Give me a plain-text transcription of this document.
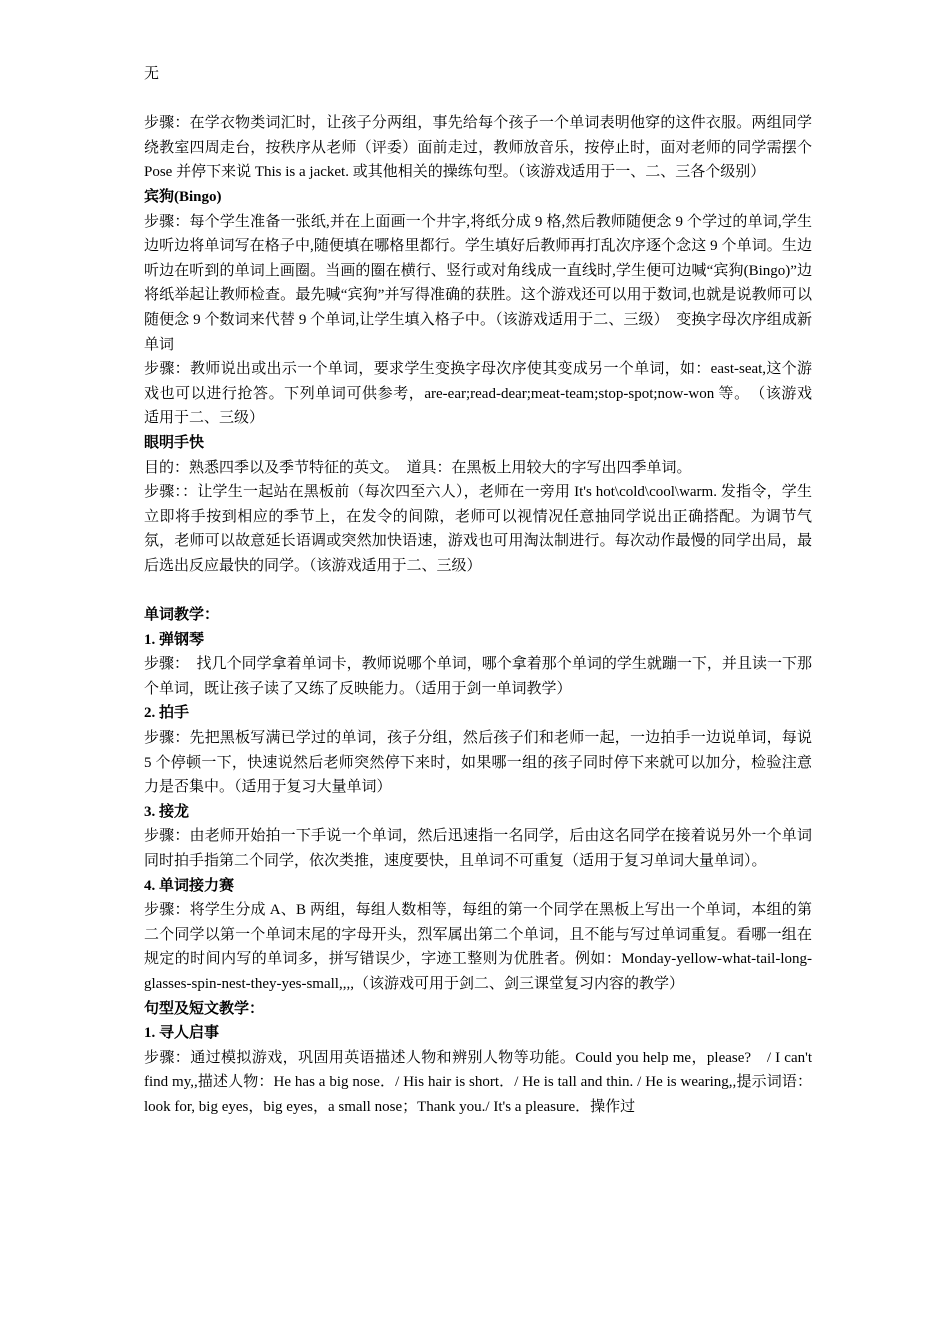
无

步骤：在学衣物类词汇时，让孩子分两组，事先给每个孩子一个单词表明他穿的这件衣服。两组同学绕教室四周走台，按秩序从老师（评委）面前走过，教师放音乐，按停止时，面对老师的同学需摆个 Pose 并停下来说 This is a jacket. 或其他相关的操练句型。（该游戏适用于一、二、三各个级别）

宾狗(Bingo)

步骤：每个学生准备一张纸,并在上面画一个井字,将纸分成 9 格,然后教师随便念 9 个学过的单词,学生边听边将单词写在格子中,随便填在哪格里都行。学生填好后教师再打乱次序逐个念这 9 个单词。生边听边在听到的单词上画圈。当画的圈在横行、竖行或对角线成一直线时,学生便可边喊“宾狗(Bingo)”边将纸举起让教师检查。最先喊“宾狗”并写得准确的获胜。这个游戏还可以用于数词,也就是说教师可以随便念 9 个数词来代替 9 个单词,让学生填入格子中。（该游戏适用于二、三级）　变换字母次序组成新单词

步骤：教师说出或出示一个单词，要求学生变换字母次序使其变成另一个单词，如：east-seat,这个游戏也可以进行抢答。下列单词可供参考，are-ear;read-dear;meat-team;stop-spot;now-won 等。　（该游戏适用于二、三级）

眼明手快

目的：熟悉四季以及季节特征的英文。　道具：在黑板上用较大的字写出四季单词。

步骤：：让学生一起站在黑板前（每次四至六人），老师在一旁用 It's hot\cold\cool\warm. 发指令，学生立即将手按到相应的季节上，在发令的间隙，老师可以视情况任意抽同学说出正确搭配。为调节气氛，老师可以故意延长语调或突然加快语速，游戏也可用淘汰制进行。每次动作最慢的同学出局，最后选出反应最快的同学。（该游戏适用于二、三级）

单词教学：

1. 弹钢琴

步骤：　找几个同学拿着单词卡，教师说哪个单词，哪个拿着那个单词的学生就蹦一下，并且读一下那个单词，既让孩子读了又练了反映能力。（适用于剑一单词教学）

2. 拍手

步骤：先把黑板写满已学过的单词，孩子分组，然后孩子们和老师一起，一边拍手一边说单词，每说 5 个停顿一下，快速说然后老师突然停下来时，如果哪一组的孩子同时停下来就可以加分，检验注意力是否集中。（适用于复习大量单词）

3. 接龙

步骤：由老师开始拍一下手说一个单词，然后迅速指一名同学，后由这名同学在接着说另外一个单词同时拍手指第二个同学，依次类推，速度要快，且单词不可重复（适用于复习单词大量单词）。

4. 单词接力赛

步骤：将学生分成 A、B 两组，每组人数相等，每组的第一个同学在黑板上写出一个单词，本组的第二个同学以第一个单词末尾的字母开头，烈军属出第二个单词，且不能与写过单词重复。看哪一组在规定的时间内写的单词多，拼写错误少，字迹工整则为优胜者。例如：Monday-yellow-what-tail-long-glasses-spin-nest-they-yes-small,,,,（该游戏可用于剑二、剑三课堂复习内容的教学）

句型及短文教学：

1. 寻人启事

步骤：通过模拟游戏，巩固用英语描述人物和辨别人物等功能。Could you help me，please?　/ I can't find my,,描述人物：He has a big nose．/ His hair is short．/ He is tall and thin. / He is wearing,,提示词语：look for, big eyes，big eyes，a small nose；Thank you./ It's a pleasure．操作过
